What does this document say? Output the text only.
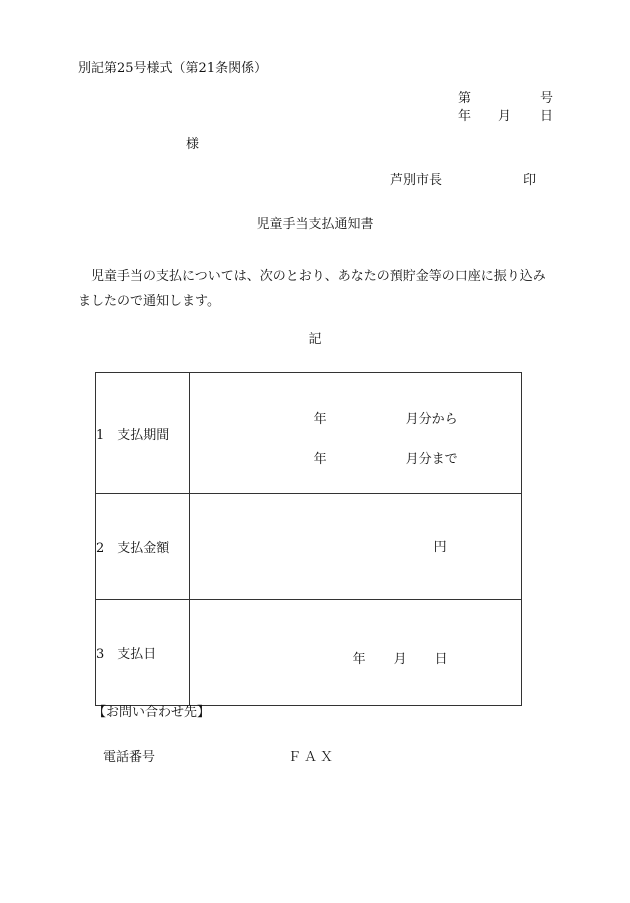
別記第25号様式（第21条関係）
第	号
年 月 日
様
芦別市長	印
児童手当支払通知書
児童手当の支払については、次のとおり、あなたの預貯金等の口座に振り込みましたので通知します。
記
1　支払期間	年 月分から
年 月分まで

2　支払金額	円

3　支払日	年 月 日
【お問い合わせ先】
電話番号	ＦＡＸ
